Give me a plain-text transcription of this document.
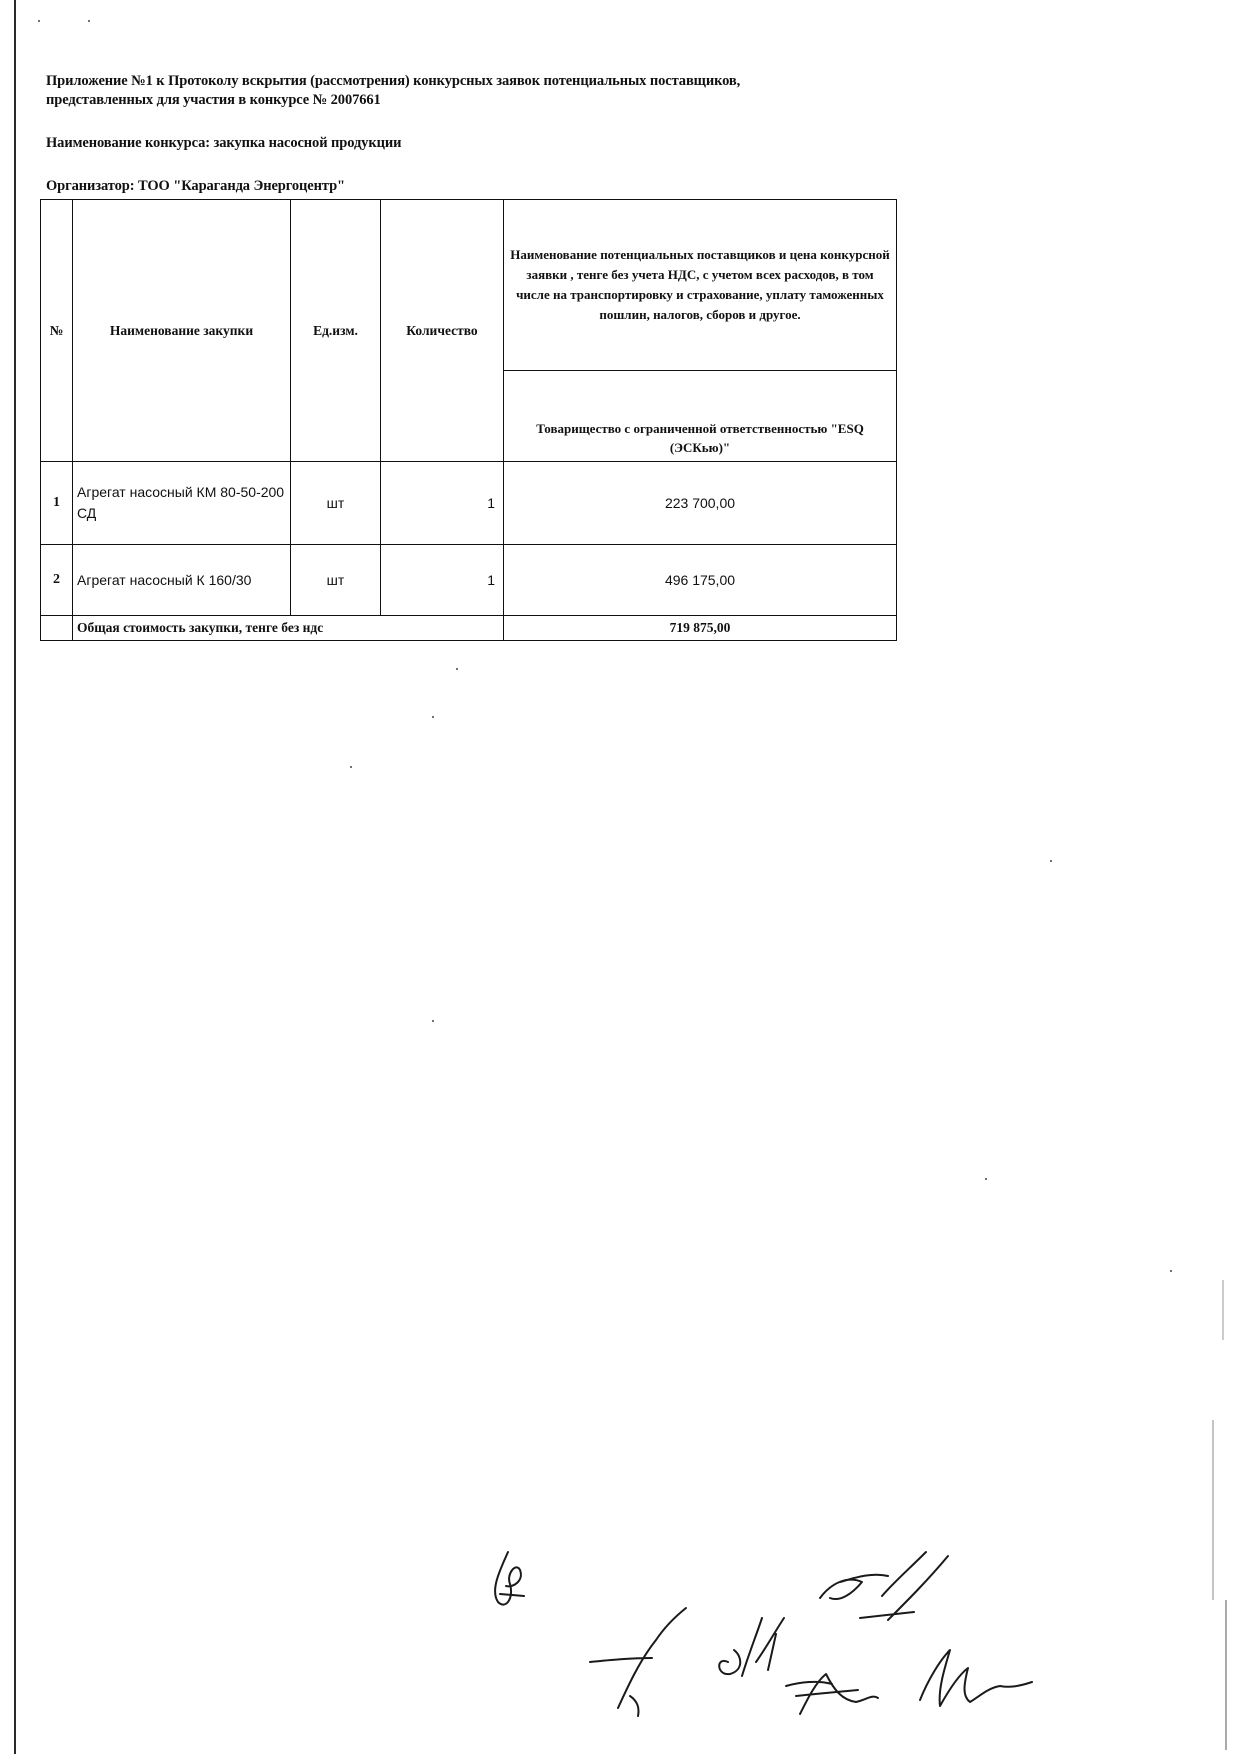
Приложение №1 к Протоколу вскрытия (рассмотрения) конкурсных заявок потенциальных поставщиков,

представленных для участия в конкурсе № 2007661

Наименование конкурса: закупка насосной продукции

Организатор: ТОО "Караганда Энергоцентр"

№	Наименование закупки	Ед.изм.	Количество	Наименование потенциальных поставщиков и цена конкурсной заявки , тенге без учета НДС, с учетом всех расходов, в том числе на транспортировку и страхование, уплату таможенных пошлин, налогов, сборов и другое.
				Товарищество с ограниченной ответственностью "ESQ (ЭСКью)"
1	Агрегат насосный КМ 80-50-200 СД	шт	1	223 700,00
2	Агрегат насосный К 160/30	шт	1	496 175,00
	Общая стоимость закупки, тенге без ндс			719 875,00
